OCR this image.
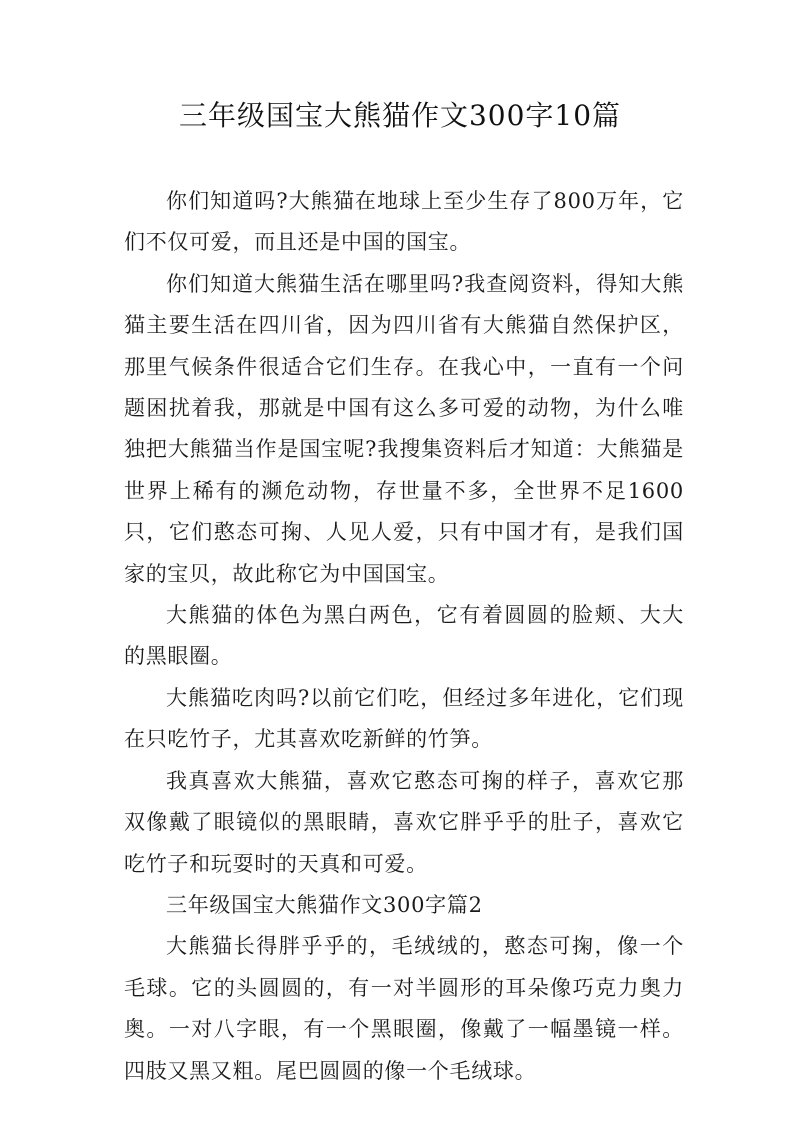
三年级国宝大熊猫作文300字10篇

你们知道吗?大熊猫在地球上至少生存了800万年，它们不仅可爱，而且还是中国的国宝。

你们知道大熊猫生活在哪里吗?我查阅资料，得知大熊猫主要生活在四川省，因为四川省有大熊猫自然保护区，那里气候条件很适合它们生存。在我心中，一直有一个问题困扰着我，那就是中国有这么多可爱的动物，为什么唯独把大熊猫当作是国宝呢?我搜集资料后才知道：大熊猫是世界上稀有的濒危动物，存世量不多，全世界不足1600只，它们憨态可掬、人见人爱，只有中国才有，是我们国家的宝贝，故此称它为中国国宝。

大熊猫的体色为黑白两色，它有着圆圆的脸颊、大大的黑眼圈。

大熊猫吃肉吗?以前它们吃，但经过多年进化，它们现在只吃竹子，尤其喜欢吃新鲜的竹笋。

我真喜欢大熊猫，喜欢它憨态可掬的样子，喜欢它那双像戴了眼镜似的黑眼睛，喜欢它胖乎乎的肚子，喜欢它吃竹子和玩耍时的天真和可爱。

三年级国宝大熊猫作文300字篇2

大熊猫长得胖乎乎的，毛绒绒的，憨态可掬，像一个毛球。它的头圆圆的，有一对半圆形的耳朵像巧克力奥力奥。一对八字眼，有一个黑眼圈，像戴了一幅墨镜一样。四肢又黑又粗。尾巴圆圆的像一个毛绒球。
